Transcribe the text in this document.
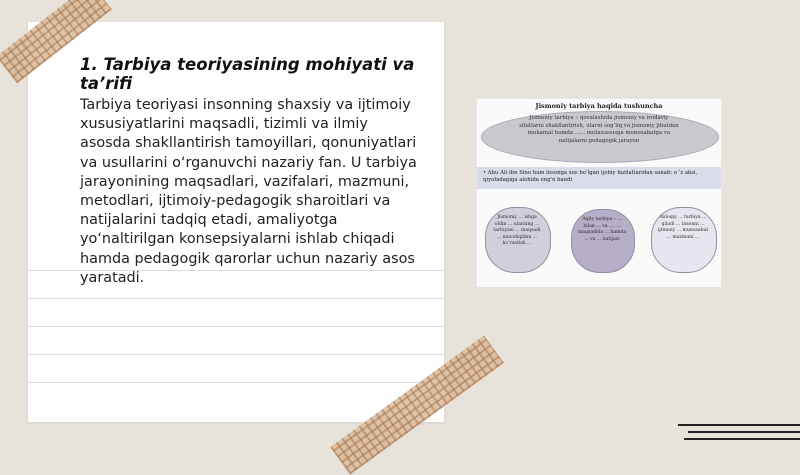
1. Tarbiya teoriyasining mohiyati va ta’rifi

Tarbiya teoriyasi insonning shaxsiy va ijtimoiy xususiyatlarini maqsadli, tizimli va ilmiy asosda shakllantirish tamoyillari, qonuniyatlari va usullarini o‘rganuvchi nazariy fan. U tarbiya jarayonining maqsadlari, vazifalari, mazmuni, metodlari, ijtimoiy-pedagogik sharoitlari va natijalarini tadqiq etadi, amaliyotga yo‘naltirilgan konsepsiyalarni ishlab chiqadi hamda pedagogik qarorlar uchun nazariy asos yaratadi.

Jismoniy tarbiya haqida tushuncha
Jismoniy tarbiya – qovalashida jismoniy va irodaviy sifatlarni shakllantirish, ularni sogʻliq va jismoniy jihatdan mukamal hamda ...... mutaxassisga munosabatga va natijalarni pedagogik jarayon
• Abu Ali ibn Sino ham insonga xos boʻlgan ijobiy fazilatlaridan sanab: o ʻz aksi, qiyofadagiga alohida eng'n bandi
Jismoniy ... ishga oldin ... ularning ... tarbiyasi ... maqsadi ... muvofiqlikni ... koʻrsatish ...
Aqliy tarbiya – ... bilan ... va ..., ... maqsadida ... hamda ... va ... natijasi
Axloqiy ... tarbiya ... qiladi ... insonni ... ijtimoiy ... munosabat ... mazmuni ...
